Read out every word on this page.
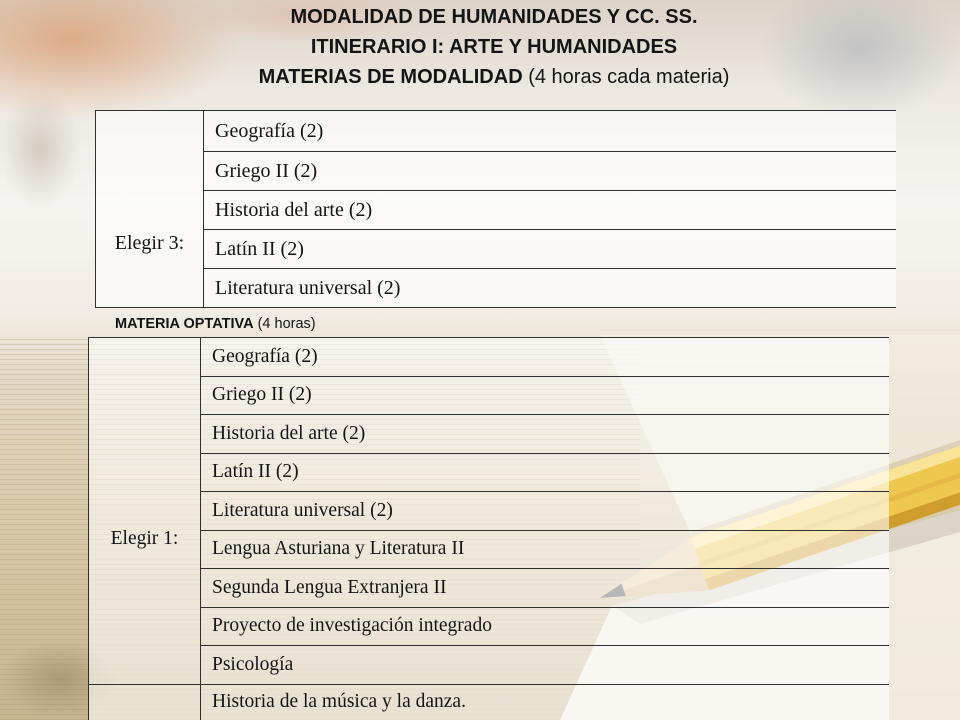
MODALIDAD DE HUMANIDADES Y CC. SS.
ITINERARIO I: ARTE Y HUMANIDADES
MATERIAS DE MODALIDAD (4 horas cada materia)
Elegir 3:	Geografía (2)
Griego II (2)
Historia del arte (2)
Latín II (2)
Literatura universal (2)
MATERIA OPTATIVA (4 horas)
Elegir 1:	Geografía (2)
	Griego II (2)
	Historia del arte (2)
	Latín II (2)
	Literatura universal (2)
	Lengua Asturiana y Literatura II
	Segunda Lengua Extranjera II
	Proyecto de investigación integrado
	Psicología
	Historia de la música y la danza.
